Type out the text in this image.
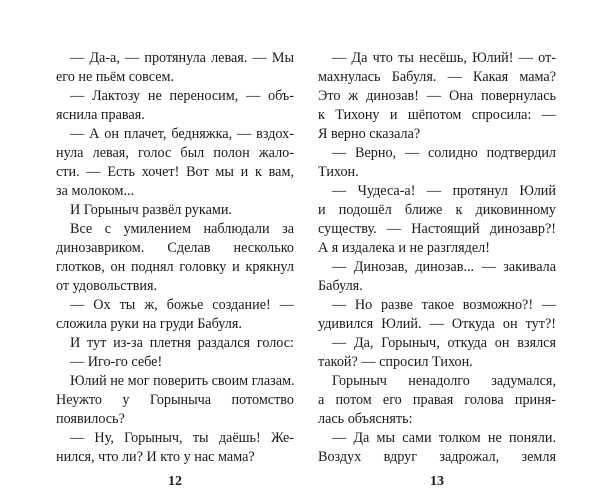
— Да-а, — протянула левая. — Мы
его не пьём совсем.
— Лактозу не переносим, — объ-
яснила правая.
— А он плачет, бедняжка, — вздох-
нула левая, голос был полон жало-
сти. — Есть хочет! Вот мы и к вам,
за молоком...
И Горыныч развёл руками.
Все с умилением наблюдали за
динозавриком. Сделав несколько
глотков, он поднял головку и крякнул
от удовольствия.
— Ох ты ж, божье создание! —
сложила руки на груди Бабуля.
И тут из-за плетня раздался голос:
— Иго-го себе!
Юлий не мог поверить своим глазам.
Неужто у Горыныча потомство
появилось?
— Ну, Горыныч, ты даёшь! Же-
нился, что ли? И кто у нас мама?
12
— Да что ты несёшь, Юлий! — от-
махнулась Бабуля. — Какая мама?
Это ж динозав! — Она повернулась
к Тихону и шёпотом спросила: —
Я верно сказала?
— Верно, — солидно подтвердил
Тихон.
— Чудеса-а! — протянул Юлий
и подошёл ближе к диковинному
существу. — Настоящий динозавр?!
А я издалека и не разглядел!
— Динозав, динозав... — закивала
Бабуля.
— Но разве такое возможно?! —
удивился Юлий. — Откуда он тут?!
— Да, Горыныч, откуда он взялся
такой? — спросил Тихон.
Горыныч ненадолго задумался,
а потом его правая голова приня-
лась объяснять:
— Да мы сами толком не поняли.
Воздух вдруг задрожал, земля
13
